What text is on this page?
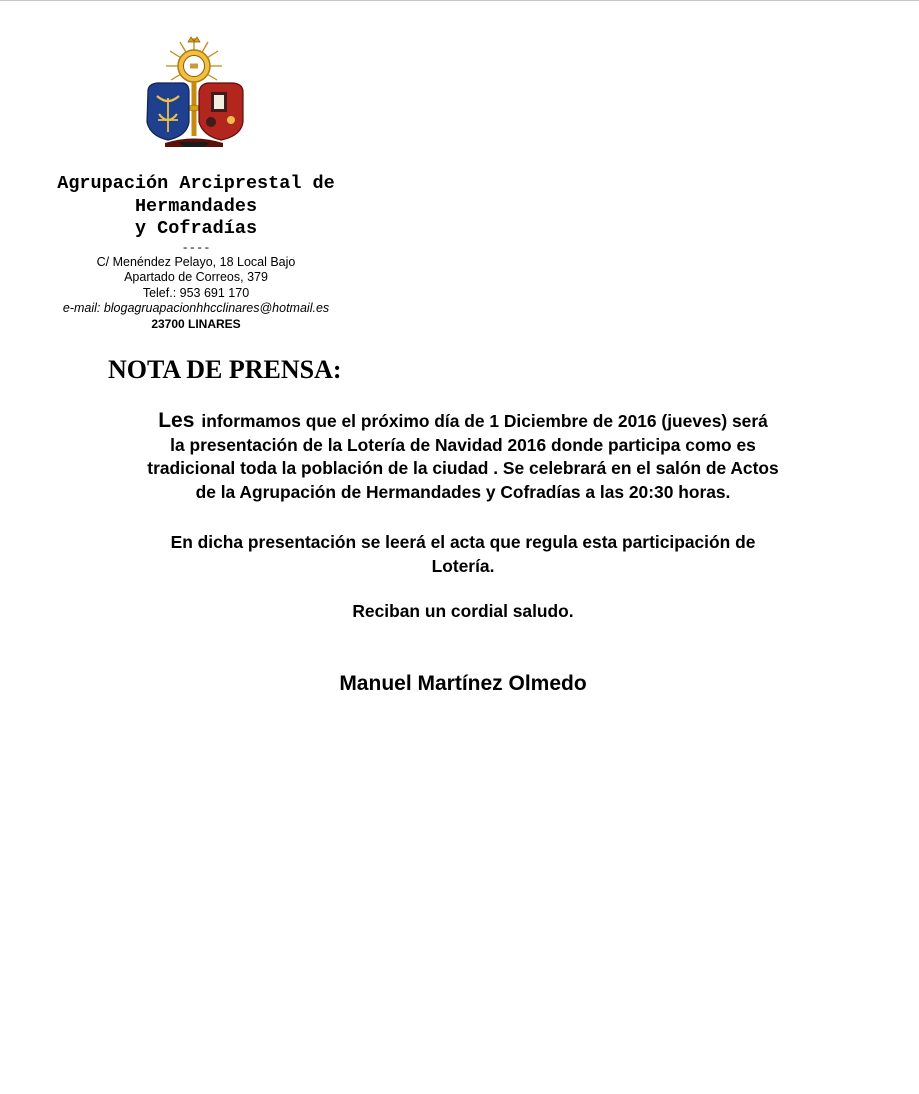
Agrupación Arciprestal de
Hermandades
y Cofradías
----
C/ Menéndez Pelayo, 18 Local Bajo
Apartado de Correos, 379
Telef.: 953 691 170
e-mail: blogagruapacionhhcclinares@hotmail.es
23700 LINARES
NOTA DE PRENSA:

Les informamos que el próximo día de 1 Diciembre de 2016 (jueves) será
la presentación de la Lotería de Navidad 2016 donde participa como es
tradicional toda la población de la ciudad . Se celebrará en el salón de Actos
de la Agrupación de Hermandades y Cofradías a las 20:30 horas.

En dicha presentación se leerá el acta que regula esta participación de
Lotería.

Reciban un cordial saludo.

Manuel Martínez Olmedo
